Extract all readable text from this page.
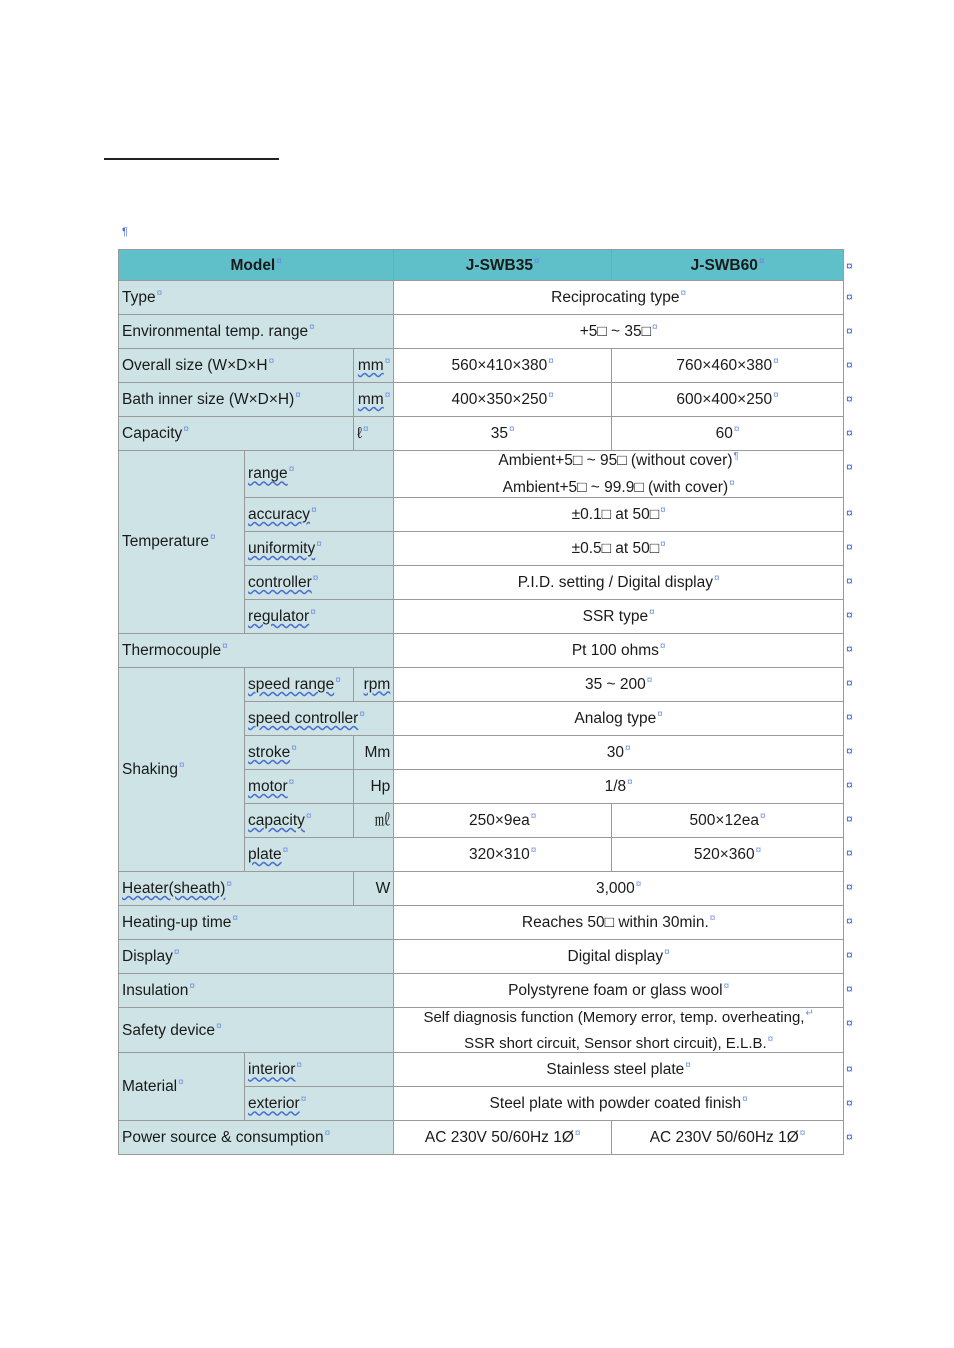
¶
Model¤			J-SWB35¤	J-SWB60¤
Type¤			Reciprocating type¤
Environmental temp. range¤			+5□ ~ 35□¤
Overall size (W×D×H¤		mm¤	560×410×380¤	760×460×380¤
Bath inner size (W×D×H)¤		mm¤	400×350×250¤	600×400×250¤
Capacity¤		ℓ¤	35¤	60¤
Temperature¤	range¤		Ambient+5□ ~ 95□ (without cover)¶
Ambient+5□ ~ 99.9□ (with cover)¤

	accuracy¤		±0.1□ at 50□¤
	uniformity¤		±0.5□ at 50□¤
	controller¤		P.I.D. setting / Digital display¤
	regulator¤		SSR type¤
Thermocouple¤			Pt 100 ohms¤
Shaking¤	speed range¤	rpm	35 ~ 200¤
	speed controller¤		Analog type¤
	stroke¤	Mm	30¤
	motor¤	Hp	1/8¤
	capacity¤	㎖	250×9ea¤	500×12ea¤
	plate¤		320×310¤	520×360¤
Heater(sheath)¤		W	3,000¤
Heating-up time¤			Reaches 50□ within 30min.¤
Display¤			Digital display¤
Insulation¤			Polystyrene foam or glass wool¤
Safety device¤			Self diagnosis function (Memory error, temp. overheating,↵
SSR short circuit, Sensor short circuit), E.L.B.¤

Material¤	interior¤		Stainless steel plate¤
	exterior¤		Steel plate with powder coated finish¤
Power source & consumption¤			AC 230V 50/60Hz 1Ø¤	AC 230V 50/60Hz 1Ø¤
¤
¤
¤
¤
¤
¤
¤
¤
¤
¤
¤
¤
¤
¤
¤
¤
¤
¤
¤
¤
¤
¤
¤
¤
¤
¤
